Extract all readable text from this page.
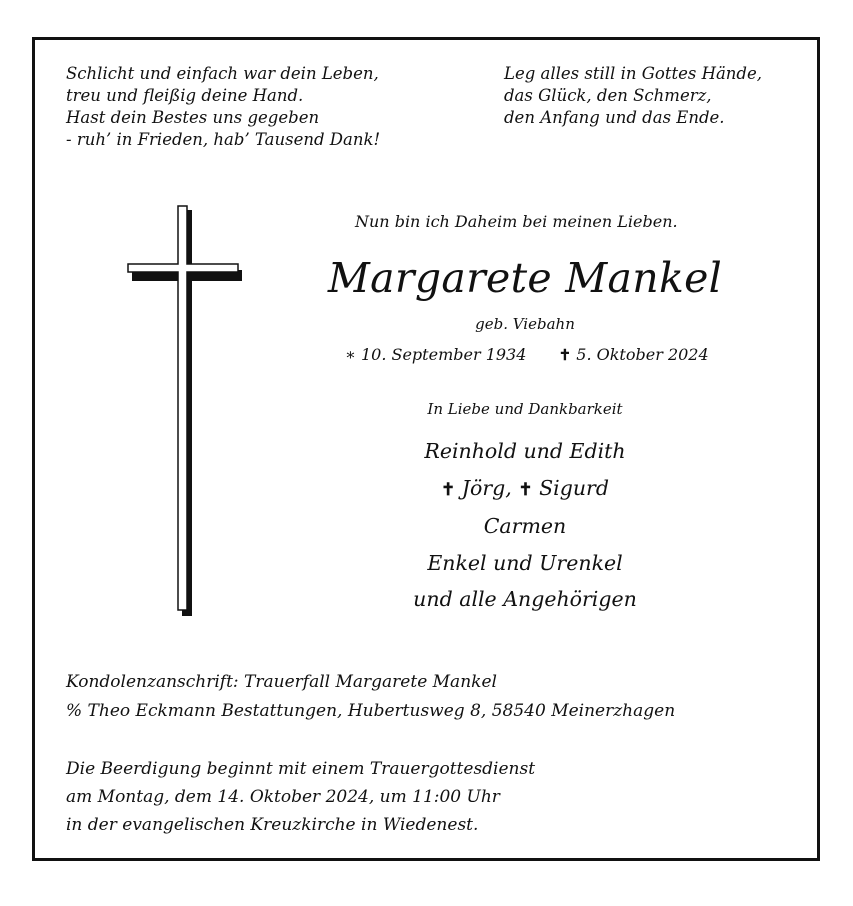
Schlicht und einfach war dein Leben,
treu und fleißig deine Hand.
Hast dein Bestes uns gegeben
- ruh’ in Frieden, hab’ Tausend Dank!
Leg alles still in Gottes Hände,
das Glück, den Schmerz,
den Anfang und das Ende.
Nun bin ich Daheim bei meinen Lieben.
Margarete Mankel
geb. Viebahn
∗ 10. September 1934 ✝ 5. Oktober 2024
In Liebe und Dankbarkeit
Reinhold und Edith
✝ Jörg, ✝ Sigurd
Carmen
Enkel und Urenkel
und alle Angehörigen
Kondolenzanschrift: Trauerfall Margarete Mankel
% Theo Eckmann Bestattungen, Hubertusweg 8, 58540 Meinerzhagen
Die Beerdigung beginnt mit einem Trauergottesdienst
am Montag, dem 14. Oktober 2024, um 11:00 Uhr
in der evangelischen Kreuzkirche in Wiedenest.
